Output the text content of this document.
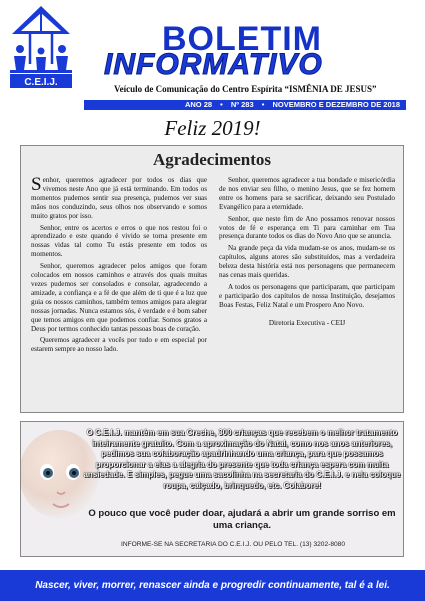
C.E.I.J.
BOLETIM
INFORMATIVO
Veículo de Comunicação do Centro Espírita “ISMÊNIA DE JESUS”
ANO 28 • Nº 283 • NOVEMBRO E DEZEMBRO DE 2018
Feliz 2019!
Agradecimentos

Senhor, queremos agradecer por todos os dias que vivemos neste Ano que já está terminando. Em todos os momentos pudemos sentir sua presença, pudemos ver suas mãos nos conduzindo, seus olhos nos observando e somos muito gratos por isso.

Senhor, entre os acertos e erros o que nos restou foi o aprendizado e este quando é vivido se torna presente em nossas vidas tal como Tu estás presente em todos os momentos.

Senhor, queremos agradecer pelos amigos que foram colocados em nossos caminhos e através dos quais muitas vezes pudemos ser consolados e consolar, agradecendo a amizade, a confiança e a fé de que além de ti que é a luz que guia os nossos caminhos, também temos amigos para alegrar nossas jornadas. Nunca estamos sós, é verdade e é bom saber que temos amigos em que podemos confiar. Somos gratos a Deus por termos conhecido tantas pessoas boas de coração.

Queremos agradecer a vocês por tudo e em especial por estarem sempre ao nosso lado.

Senhor, queremos agradecer a tua bondade e misericórdia de nos enviar seu filho, o menino Jesus, que se fez homem entre os homens para se sacrificar, deixando seu Postulado Evangélico para a eternidade.

Senhor, que neste fim de Ano possamos renovar nossos votos de fé e esperança em Ti para caminhar em Tua presença durante todos os dias do Novo Ano que se anuncia.

Na grande peça da vida mudam-se os anos, mudam-se os capítulos, alguns atores são substituídos, mas a verdadeira beleza desta história está nos personagens que permanecem nas cenas mais queridas.

A todos os personagens que participaram, que participam e participarão dos capítulos de nossa Instituição, desejamos Boas Festas, Feliz Natal e um Prospero Ano Novo.

Diretoria Executiva - CEIJ

O C.E.I.J. mantém em sua Creche, 300 crianças que recebem o melhor tratamento inteiramente gratuito. Com a aproximação do Natal, como nos anos anteriores, pedimos sua colaboração apadrinhando uma criança, para que possamos proporcionar a elas a alegria do presente que toda criança espera com muita ansiedade. E simples, pegue uma sacolinha na secretaria do C.E.I.J. e nela coloque roupa, calçado, brinquedo, etc. Colabore!
O pouco que você puder doar, ajudará a abrir um grande sorriso em uma criança.
INFORME-SE NA SECRETARIA DO C.E.I.J. OU PELO TEL. (13) 3202-8080
Nascer, viver, morrer, renascer ainda e progredir continuamente, tal é a lei.
